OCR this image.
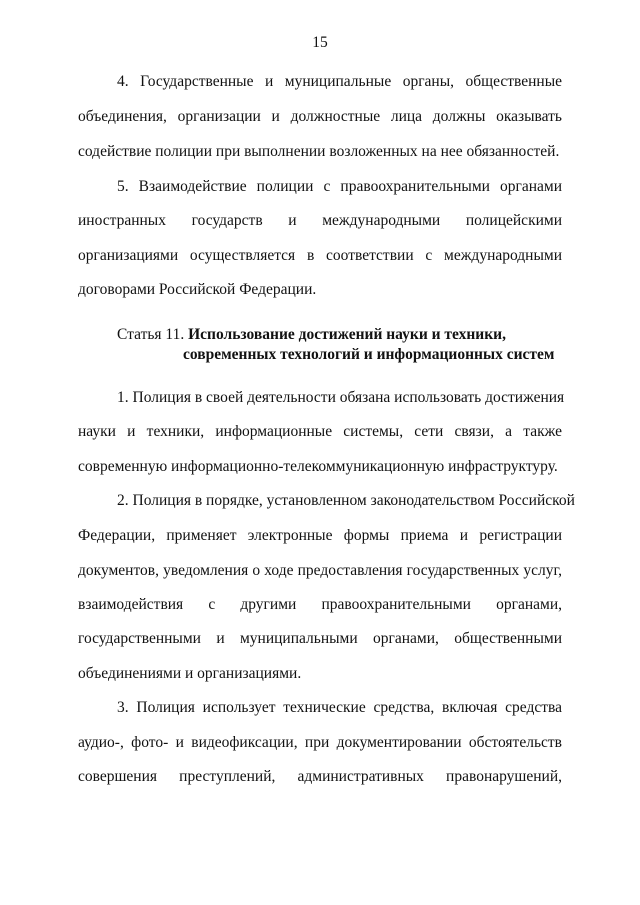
15
4. Государственные и муниципальные органы, общественные
объединения, организации и должностные лица должны оказывать
содействие полиции при выполнении возложенных на нее обязанностей.
5. Взаимодействие полиции с правоохранительными органами
иностранных государств и международными полицейскими
организациями осуществляется в соответствии с международными
договорами Российской Федерации.
Статья 11. Использование достижений науки и техники,
современных технологий и информационных систем
1. Полиция в своей деятельности обязана использовать достижения
науки и техники, информационные системы, сети связи, а также
современную информационно-телекоммуникационную инфраструктуру.
2. Полиция в порядке, установленном законодательством Российской
Федерации, применяет электронные формы приема и регистрации
документов, уведомления о ходе предоставления государственных услуг,
взаимодействия с другими правоохранительными органами,
государственными и муниципальными органами, общественными
объединениями и организациями.
3. Полиция использует технические средства, включая средства
аудио-, фото- и видеофиксации, при документировании обстоятельств
совершения преступлений, административных правонарушений,
